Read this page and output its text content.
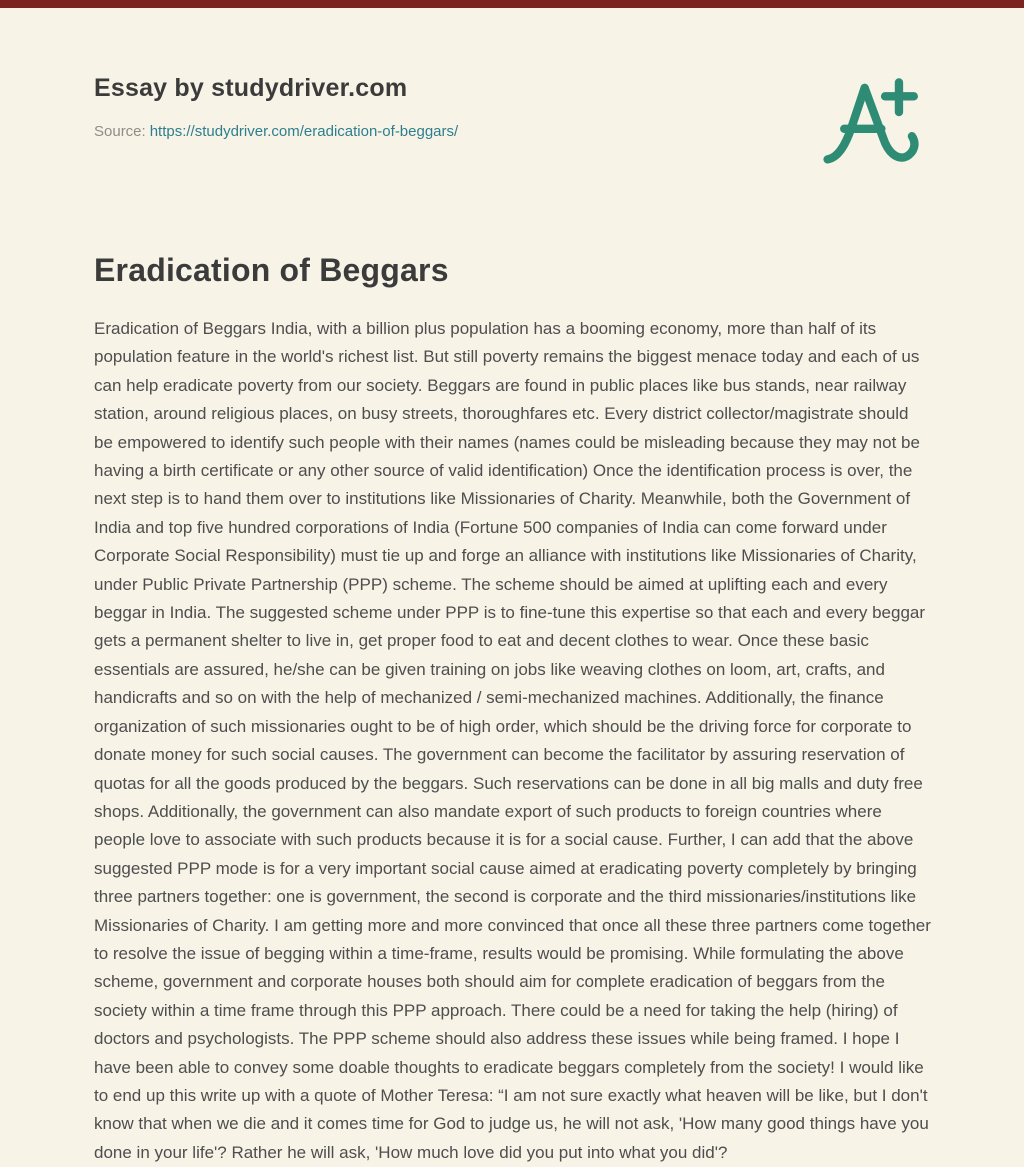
Essay by studydriver.com

Source: https://studydriver.com/eradication-of-beggars/

Eradication of Beggars

Eradication of Beggars India, with a billion plus population has a booming economy, more than half of its population feature in the world's richest list. But still poverty remains the biggest menace today and each of us can help eradicate poverty from our society. Beggars are found in public places like bus stands, near railway station, around religious places, on busy streets, thoroughfares etc. Every district collector/magistrate should be empowered to identify such people with their names (names could be misleading because they may not be having a birth certificate or any other source of valid identification) Once the identification process is over, the next step is to hand them over to institutions like Missionaries of Charity. Meanwhile, both the Government of India and top five hundred corporations of India (Fortune 500 companies of India can come forward under Corporate Social Responsibility) must tie up and forge an alliance with institutions like Missionaries of Charity, under Public Private Partnership (PPP) scheme. The scheme should be aimed at uplifting each and every beggar in India. The suggested scheme under PPP is to fine-tune this expertise so that each and every beggar gets a permanent shelter to live in, get proper food to eat and decent clothes to wear. Once these basic essentials are assured, he/she can be given training on jobs like weaving clothes on loom, art, crafts, and handicrafts and so on with the help of mechanized / semi-mechanized machines. Additionally, the finance organization of such missionaries ought to be of high order, which should be the driving force for corporate to donate money for such social causes. The government can become the facilitator by assuring reservation of quotas for all the goods produced by the beggars. Such reservations can be done in all big malls and duty free shops. Additionally, the government can also mandate export of such products to foreign countries where people love to associate with such products because it is for a social cause. Further, I can add that the above suggested PPP mode is for a very important social cause aimed at eradicating poverty completely by bringing three partners together: one is government, the second is corporate and the third missionaries/institutions like Missionaries of Charity. I am getting more and more convinced that once all these three partners come together to resolve the issue of begging within a time-frame, results would be promising. While formulating the above scheme, government and corporate houses both should aim for complete eradication of beggars from the society within a time frame through this PPP approach. There could be a need for taking the help (hiring) of doctors and psychologists. The PPP scheme should also address these issues while being framed. I hope I have been able to convey some doable thoughts to eradicate beggars completely from the society! I would like to end up this write up with a quote of Mother Teresa: “I am not sure exactly what heaven will be like, but I don't know that when we die and it comes time for God to judge us, he will not ask, 'How many good things have you done in your life'? Rather he will ask, 'How much love did you put into what you did'?
